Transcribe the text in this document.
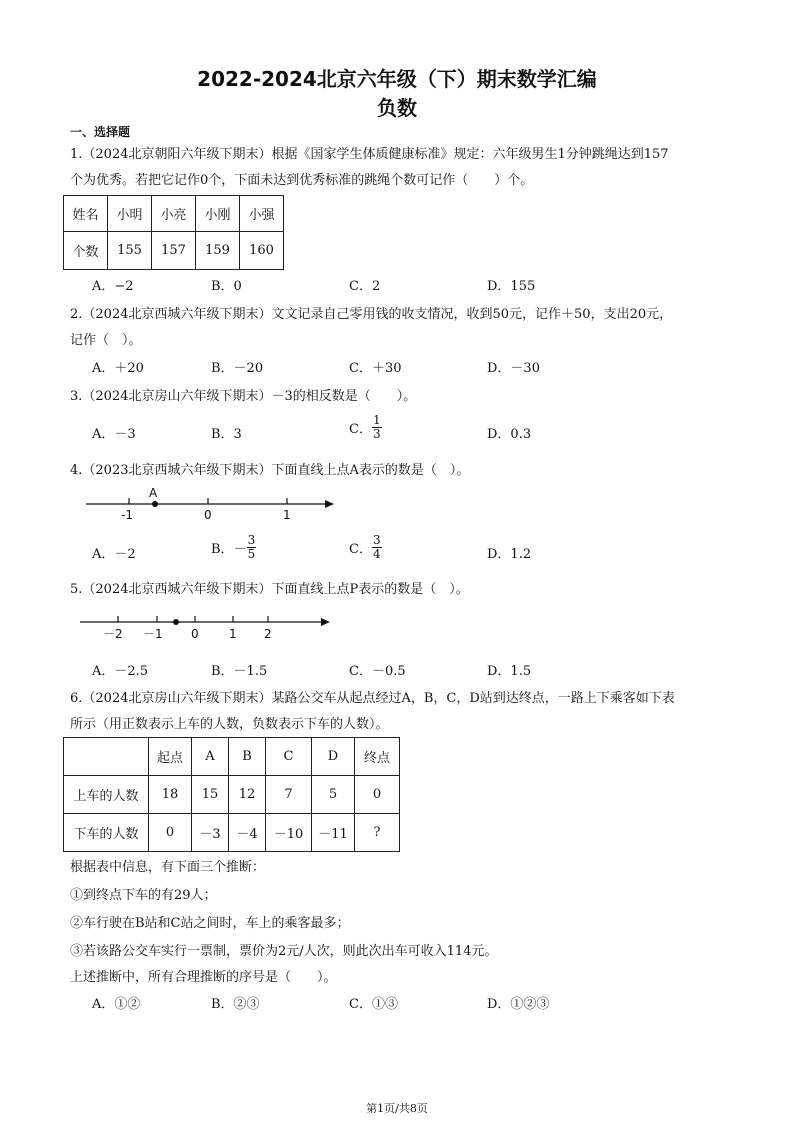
2022-2024北京六年级（下）期末数学汇编
负数
一、选择题
1.（2024北京朝阳六年级下期末）根据《国家学生体质健康标准》规定：六年级男生1分钟跳绳达到157
个为优秀。若把它记作0个，下面未达到优秀标准的跳绳个数可记作（　　）个。
姓名	小明	小亮	小刚	小强
个数	155	157	159	160
A．−2	B．0	C．2	D．155
2.（2024北京西城六年级下期末）文文记录自己零用钱的收支情况，收到50元，记作＋50，支出20元，
记作（　）。
A．＋20	B．－20	C．＋30	D．－30
3.（2024北京房山六年级下期末）－3的相反数是（　　）。
A．－3	B．3	C． $\frac{1}{3}$	D．0.3
4.（2023北京西城六年级下期末）下面直线上点A表示的数是（　）。
A
-1	0	1
A．－2	B．－ $\frac{3}{5}$	C． $\frac{3}{4}$	D．1.2
5.（2024北京西城六年级下期末）下面直线上点P表示的数是（　）。
－2 －1 0	1 2
A．－2.5	B．－1.5	C．－0.5	D．1.5
6.（2024北京房山六年级下期末）某路公交车从起点经过A，B，C，D站到达终点，一路上下乘客如下表
所示（用正数表示上车的人数，负数表示下车的人数）。
	起点	A	B	C	D	终点
上车的人数	18	15	12	7	5	0
下车的人数	0	－3	－4	－10	－11	?
根据表中信息，有下面三个推断：
①到终点下车的有29人；
②车行驶在B站和C站之间时，车上的乘客最多；
③若该路公交车实行一票制，票价为2元/人次，则此次出车可收入114元。
上述推断中，所有合理推断的序号是（　　）。
A．①②	B．②③	C．①③	D．①②③
第1页/共8页
